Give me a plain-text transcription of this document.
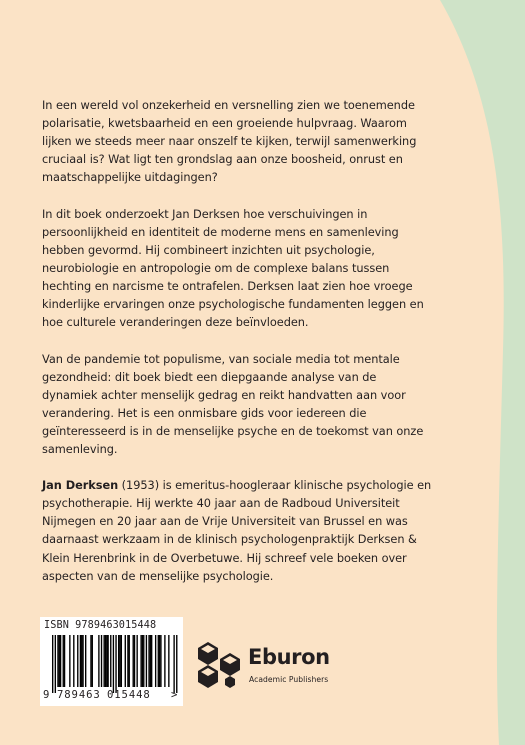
In een wereld vol onzekerheid en versnelling zien we toenemende polarisatie, kwetsbaarheid en een groeiende hulpvraag. Waarom lijken we steeds meer naar onszelf te kijken, terwijl samenwerking cruciaal is? Wat ligt ten grondslag aan onze boosheid, onrust en maatschappelijke uitdagingen?

In dit boek onderzoekt Jan Derksen hoe verschuivingen in persoonlijkheid en identiteit de moderne mens en samenleving hebben gevormd. Hij combineert inzichten uit psychologie, neurobiologie en antropologie om de complexe balans tussen hechting en narcisme te ontrafelen. Derksen laat zien hoe vroege kinderlijke ervaringen onze psychologische fundamenten leggen en hoe culturele veranderingen deze beïnvloeden.

Van de pandemie tot populisme, van sociale media tot mentale gezondheid: dit boek biedt een diepgaande analyse van de dynamiek achter menselijk gedrag en reikt handvatten aan voor verandering. Het is een onmisbare gids voor iedereen die geïnteresseerd is in de menselijke psyche en de toekomst van onze samenleving.

Jan Derksen (1953) is emeritus-hoogleraar klinische psychologie en psychotherapie. Hij werkte 40 jaar aan de Radboud Universiteit Nijmegen en 20 jaar aan de Vrije Universiteit van Brussel en was daarnaast werkzaam in de klinisch psychologenpraktijk Derksen & Klein Herenbrink in de Overbetuwe. Hij schreef vele boeken over aspecten van de menselijke psychologie.

ISBN 9789463015448
9 789463 015448 >
Eburon
Academic Publishers
